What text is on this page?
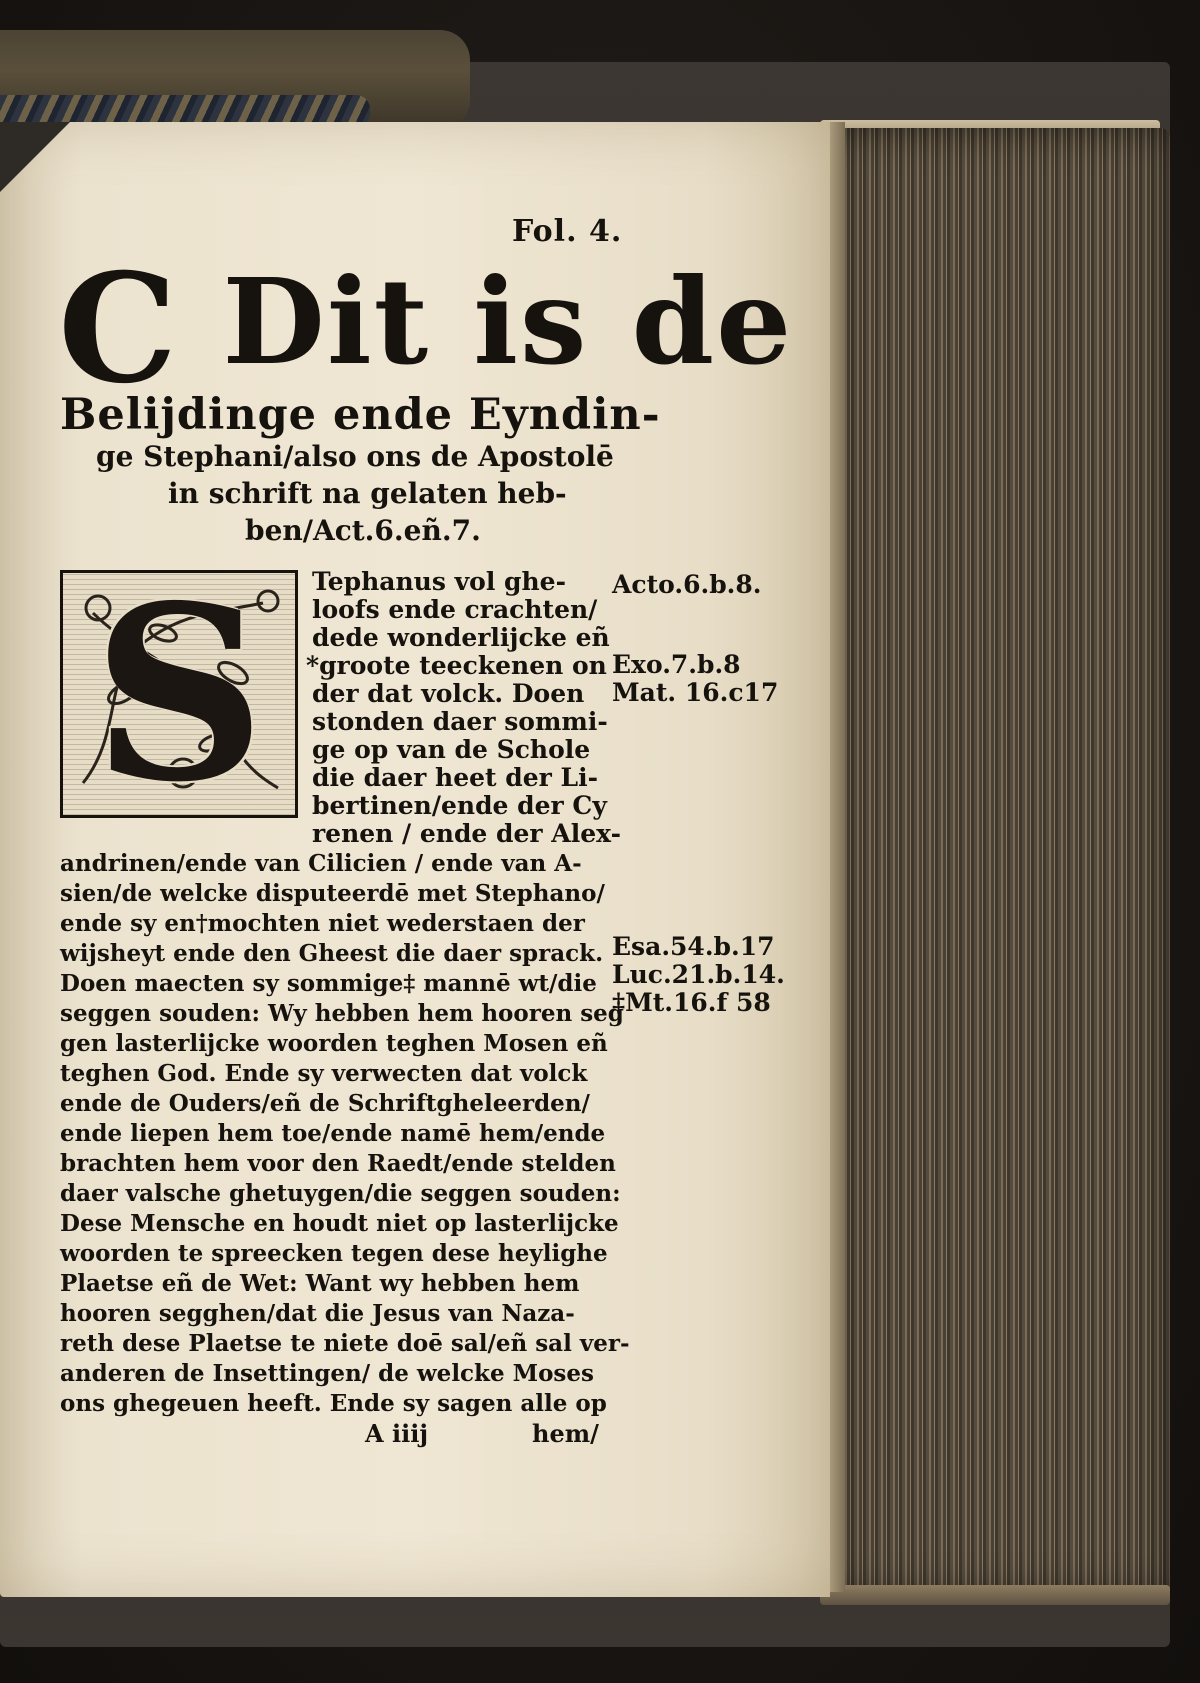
Fol. 4.
C Dit is de
Belijdinge ende Eyndin-
ge Stephani/also ons de Apostolē
in schrift na gelaten heb-
ben/Act.6.eñ.7.
S	Tephanus vol ghe-
loofs ende crachten/
dede wonderlijcke eñ
*groote teeckenen on
der dat volck. Doen
stonden daer sommi-
ge op van de Schole
die daer heet der Li-
bertinen/ende der Cy
renen / ende der Alex-
andrinen/ende van Cilicien / ende van A-
sien/de welcke disputeerdē met Stephano/
ende sy en†mochten niet wederstaen der
wijsheyt ende den Gheest die daer sprack.
Doen maecten sy sommige‡ mannē wt/die
seggen souden: Wy hebben hem hooren seg
gen lasterlijcke woorden teghen Mosen eñ
teghen God. Ende sy verwecten dat volck
ende de Ouders/eñ de Schriftgheleerden/
ende liepen hem toe/ende namē hem/ende
brachten hem voor den Raedt/ende stelden
daer valsche ghetuygen/die seggen souden:
Dese Mensche en houdt niet op lasterlijcke
woorden te spreecken tegen dese heylighe
Plaetse eñ de Wet: Want wy hebben hem
hooren segghen/dat die Jesus van Naza-
reth dese Plaetse te niete doē sal/eñ sal ver-
anderen de Insettingen/ de welcke Moses
ons ghegeuen heeft. Ende sy sagen alle op
A iiij	hem/
Acto.6.b.8.
Exo.7.b.8
Mat. 16.c17
Esa.54.b.17
Luc.21.b.14.
‡Mt.16.f 58
